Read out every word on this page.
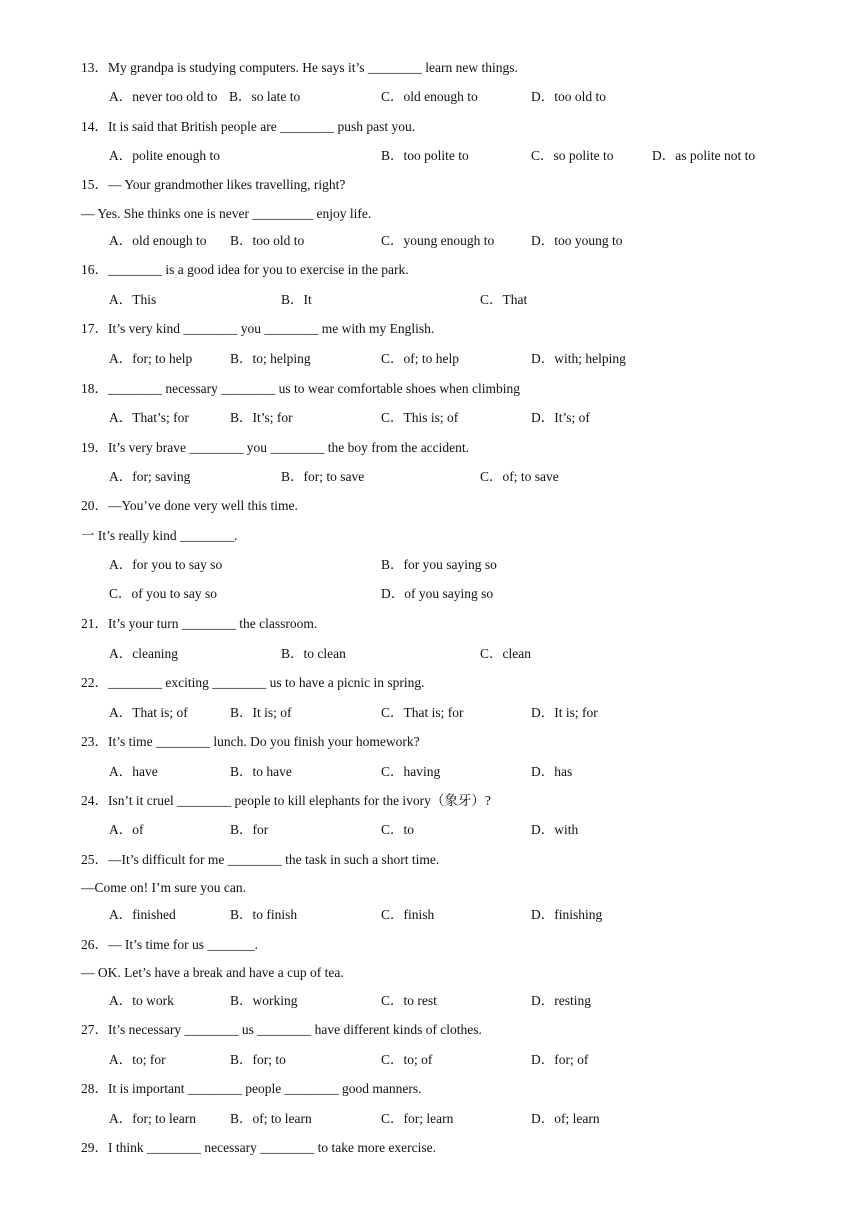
13．My grandpa is studying computers. He says it’s ________ learn new things.
A．never too old to B．so late to	C．old enough to	D．too old to
14．It is said that British people are ________ push past you.
A．polite enough to	B．too polite to	C．so polite to	D．as polite not to
15．— Your grandmother likes travelling, right?
— Yes. She thinks one is never _________ enjoy life.
A．old enough to B．too old to	C．young enough to	D．too young to
16．________ is a good idea for you to exercise in the park.
A．This	B．It	C．That
17．It’s very kind ________ you ________ me with my English.
A．for; to help	B．to; helping	C．of; to help	D．with; helping
18．________ necessary ________ us to wear comfortable shoes when climbing
A．That’s; for	B．It’s; for	C．This is; of	D．It’s; of
19．It’s very brave ________ you ________ the boy from the accident.
A．for; saving	B．for; to save	C．of; to save
20．—You’ve done very well this time.
一 It’s really kind ________.
A．for you to say so	B．for you saying so
C．of you to say so	D．of you saying so
21．It’s your turn ________ the classroom.
A．cleaning	B．to clean	C．clean
22．________ exciting ________ us to have a picnic in spring.
A．That is; of	B．It is; of	C．That is; for	D．It is; for
23．It’s time ________ lunch. Do you finish your homework?
A．have	B．to have	C．having	D．has
24．Isn’t it cruel ________ people to kill elephants for the ivory（象牙）?
A．of	B．for	C．to	D．with
25．—It’s difficult for me ________ the task in such a short time.
—Come on! I’m sure you can.
A．finished	B．to finish	C．finish	D．finishing
26．— It’s time for us _______.
— OK. Let’s have a break and have a cup of tea.
A．to work	B．working	C．to rest	D．resting
27．It’s necessary ________ us ________ have different kinds of clothes.
A．to; for	B．for; to	C．to; of	D．for; of
28．It is important ________ people ________ good manners.
A．for; to learn	B．of; to learn	C．for; learn	D．of; learn
29．I think ________ necessary ________ to take more exercise.
